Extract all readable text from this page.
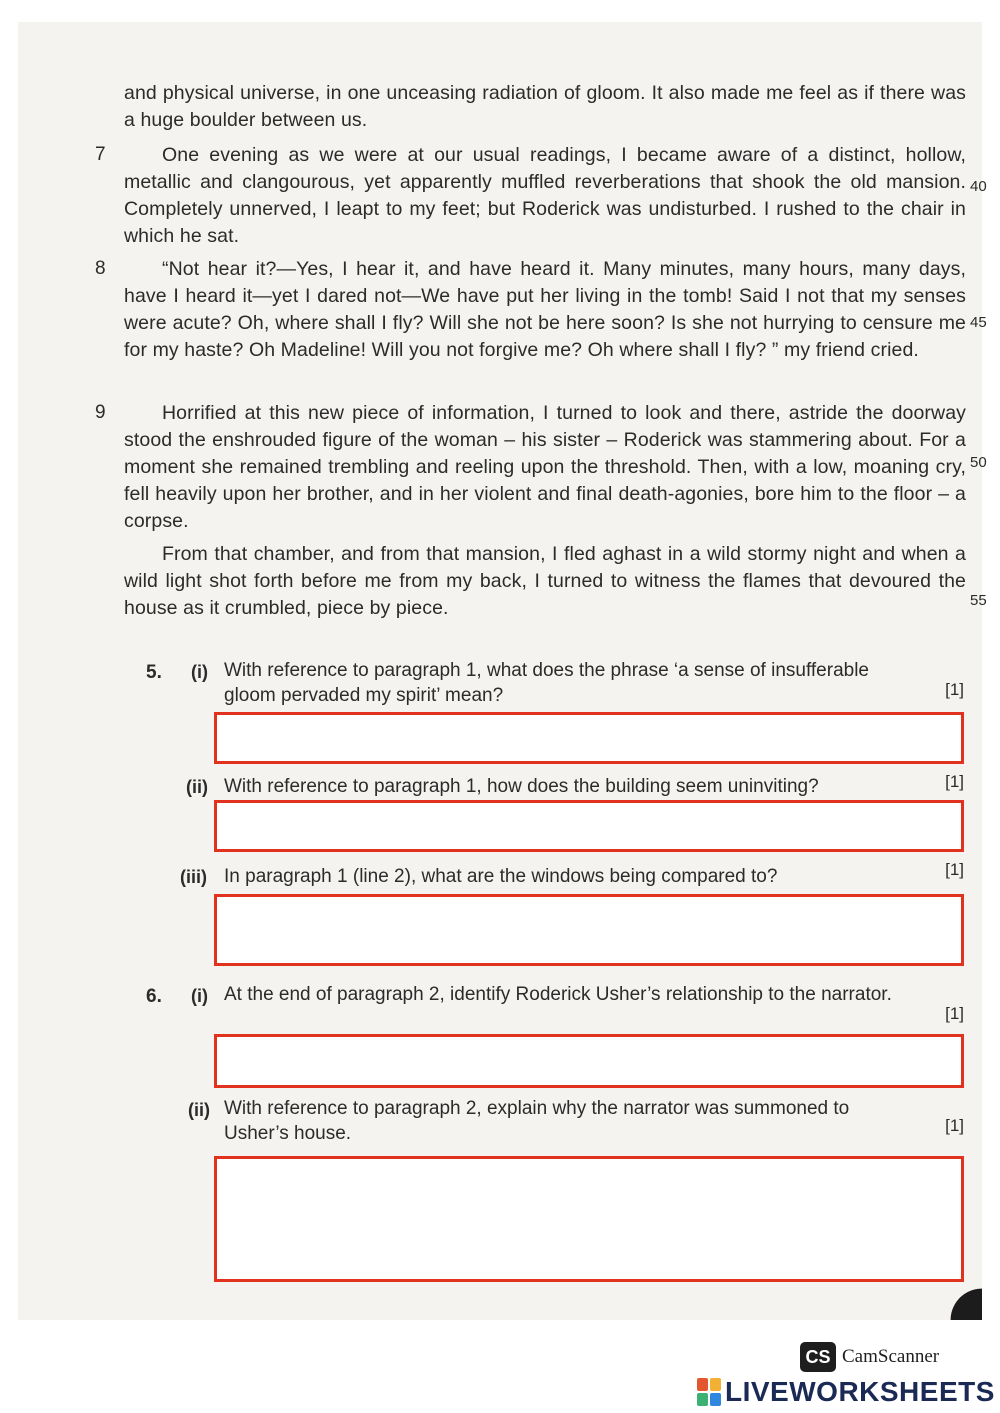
and physical universe, in one unceasing radiation of gloom. It also made me feel as if there was a huge boulder between us.

7	One evening as we were at our usual readings, I became aware of a distinct, hollow, metallic and clangourous, yet apparently muffled reverberations that shook the old mansion. Completely unnerved, I leapt to my feet; but Roderick was undisturbed. I rushed to the chair in which he sat.

8	“Not hear it?—Yes, I hear it, and have heard it. Many minutes, many hours, many days, have I heard it—yet I dared not—We have put her living in the tomb! Said I not that my senses were acute? Oh, where shall I fly? Will she not be here soon? Is she not hurrying to censure me for my haste? Oh Madeline! Will you not forgive me? Oh where shall I fly? ” my friend cried.

9	Horrified at this new piece of information, I turned to look and there, astride the doorway stood the enshrouded figure of the woman – his sister – Roderick was stammering about. For a moment she remained trembling and reeling upon the threshold. Then, with a low, moaning cry, fell heavily upon her brother, and in her violent and final death-agonies, bore him to the floor – a corpse.

From that chamber, and from that mansion, I fled aghast in a wild stormy night and when a wild light shot forth before me from my back, I turned to witness the flames that devoured the house as it crumbled, piece by piece.

40
45
50
55
5. (i) With reference to paragraph 1, what does the phrase ‘a sense of insufferable gloom pervaded my spirit’ mean?	[1]
(ii) With reference to paragraph 1, how does the building seem uninviting?	[1]
(iii) In paragraph 1 (line 2), what are the windows being compared to?	[1]
6. (i) At the end of paragraph 2, identify Roderick Usher’s relationship to the narrator.

[1]
(ii) With reference to paragraph 2, explain why the narrator was summoned to Usher’s house.	[1]
CS CamScanner
LIVEWORKSHEETS
